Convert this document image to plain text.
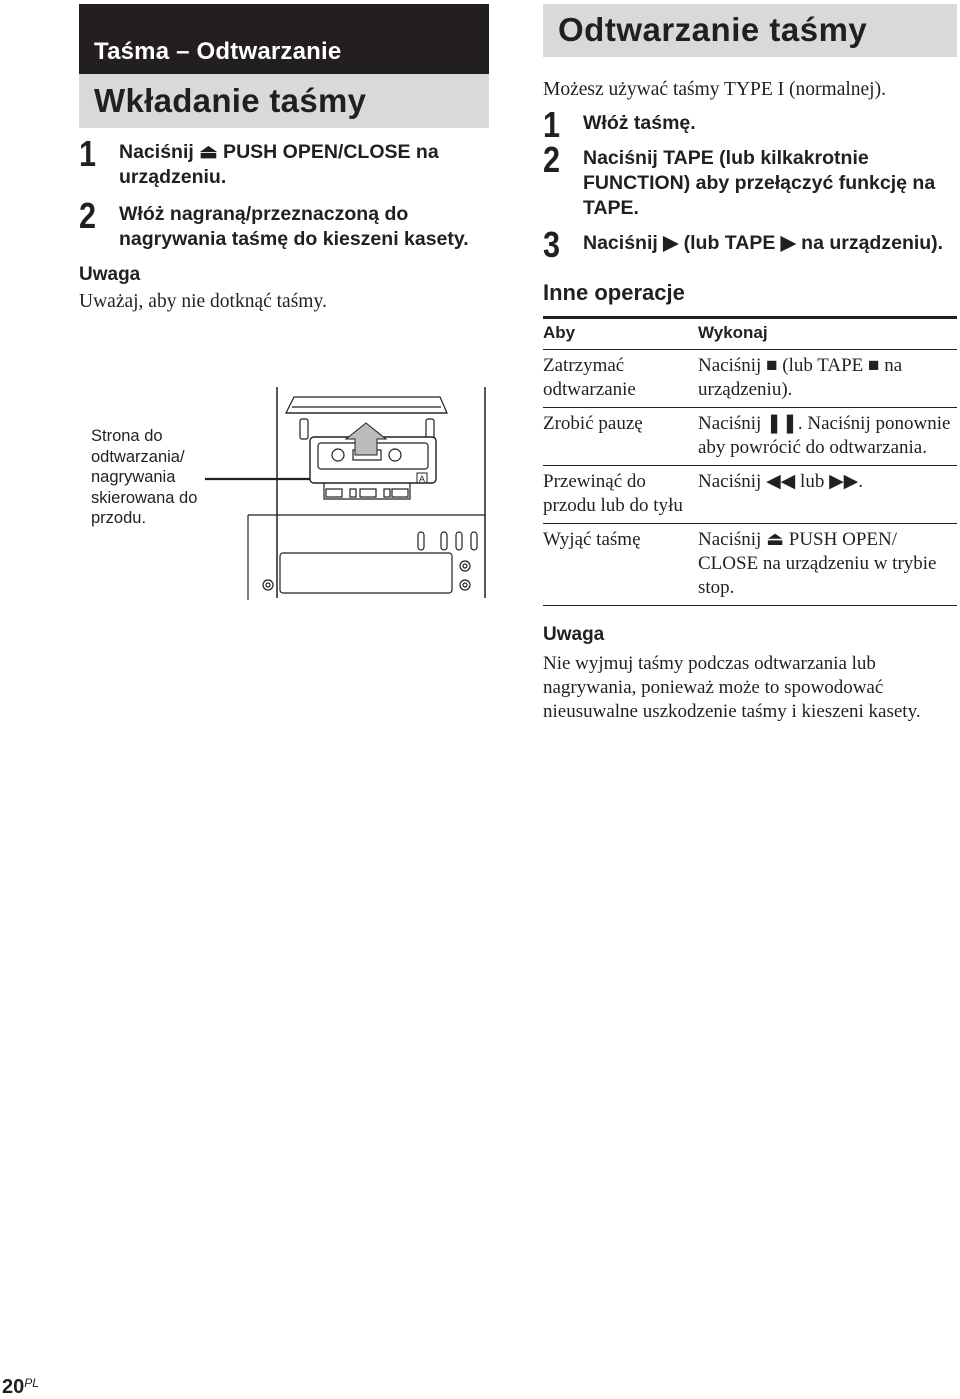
Taśma – Odtwarzanie
Wkładanie taśmy
1 Naciśnij ⏏ PUSH OPEN/CLOSE na urządzeniu.
2 Włóż nagraną/przeznaczoną do nagrywania taśmę do kieszeni kasety.
Uwaga
Uważaj, aby nie dotknąć taśmy.
Strona do odtwarzania/ nagrywania skierowana do przodu.
A
Odtwarzanie taśmy
Możesz używać taśmy TYPE I (normalnej).
1 Włóż taśmę.
2 Naciśnij TAPE (lub kilkakrotnie FUNCTION) aby przełączyć funkcję na TAPE.
3 Naciśnij ▶ (lub TAPE ▶ na urządzeniu).
Inne operacje
Aby	Wykonaj
Zatrzymać odtwarzanie	Naciśnij ■ (lub TAPE ■ na urządzeniu).
Zrobić pauzę	Naciśnij ❚❚. Naciśnij ponownie aby powrócić do odtwarzania.
Przewinąć do przodu lub do tyłu	Naciśnij ◀◀ lub ▶▶.
Wyjąć taśmę	Naciśnij ⏏ PUSH OPEN/ CLOSE na urządzeniu w trybie stop.
Uwaga
Nie wyjmuj taśmy podczas odtwarzania lub nagrywania, ponieważ może to spowodować nieusuwalne uszkodzenie taśmy i kieszeni kasety.
$20^{PL}$
